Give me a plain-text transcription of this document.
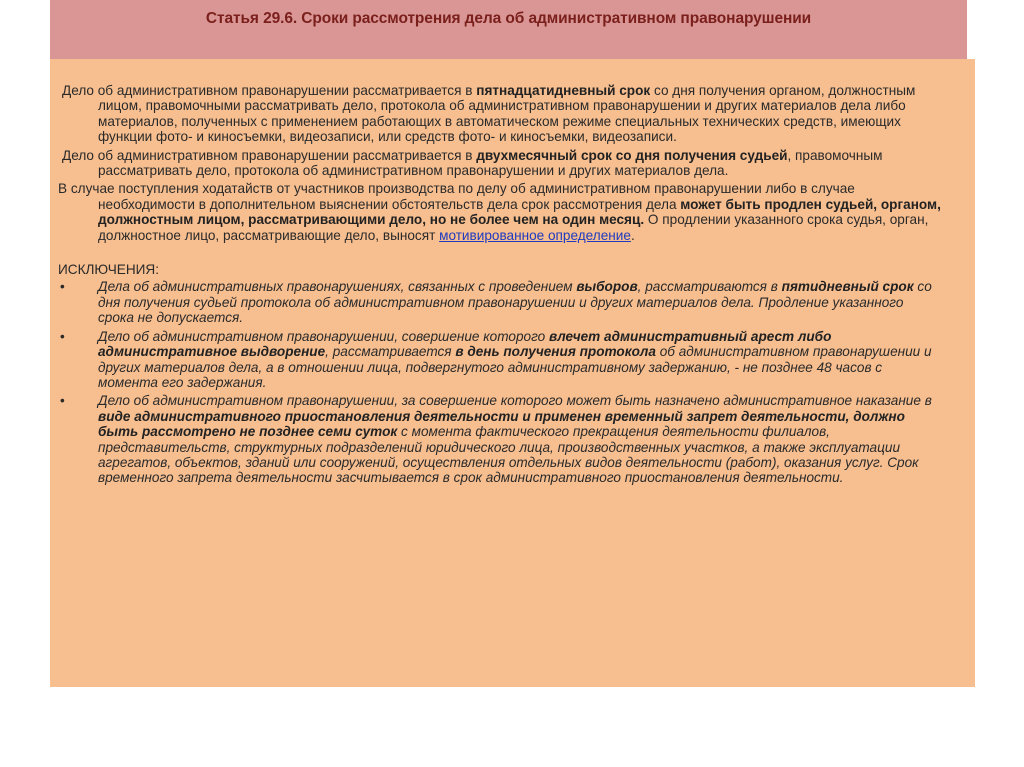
Статья 29.6. Сроки рассмотрения дела об административном правонарушении

Дело об административном правонарушении рассматривается в пятнадцатидневный срок со дня получения органом, должностным лицом, правомочными рассматривать дело, протокола об административном правонарушении и других материалов дела либо материалов, полученных с применением работающих в автоматическом режиме специальных технических средств, имеющих функции фото- и киносъемки, видеозаписи, или средств фото- и киносъемки, видеозаписи.

Дело об административном правонарушении рассматривается в двухмесячный срок со дня получения судьей, правомочным рассматривать дело, протокола об административном правонарушении и других материалов дела.

В случае поступления ходатайств от участников производства по делу об административном правонарушении либо в случае необходимости в дополнительном выяснении обстоятельств дела срок рассмотрения дела может быть продлен судьей, органом, должностным лицом, рассматривающими дело, но не более чем на один месяц. О продлении указанного срока судья, орган, должностное лицо, рассматривающие дело, выносят мотивированное определение.

ИСКЛЮЧЕНИЯ:

• Дела об административных правонарушениях, связанных с проведением выборов, рассматриваются в пятидневный срок со дня получения судьей протокола об административном правонарушении и других материалов дела. Продление указанного срока не допускается.
• Дело об административном правонарушении, совершение которого влечет административный арест либо административное выдворение, рассматривается в день получения протокола об административном правонарушении и других материалов дела, а в отношении лица, подвергнутого административному задержанию, - не позднее 48 часов с момента его задержания.
• Дело об административном правонарушении, за совершение которого может быть назначено административное наказание в виде административного приостановления деятельности и применен временный запрет деятельности, должно быть рассмотрено не позднее семи суток с момента фактического прекращения деятельности филиалов, представительств, структурных подразделений юридического лица, производственных участков, а также эксплуатации агрегатов, объектов, зданий или сооружений, осуществления отдельных видов деятельности (работ), оказания услуг. Срок временного запрета деятельности засчитывается в срок административного приостановления деятельности.
